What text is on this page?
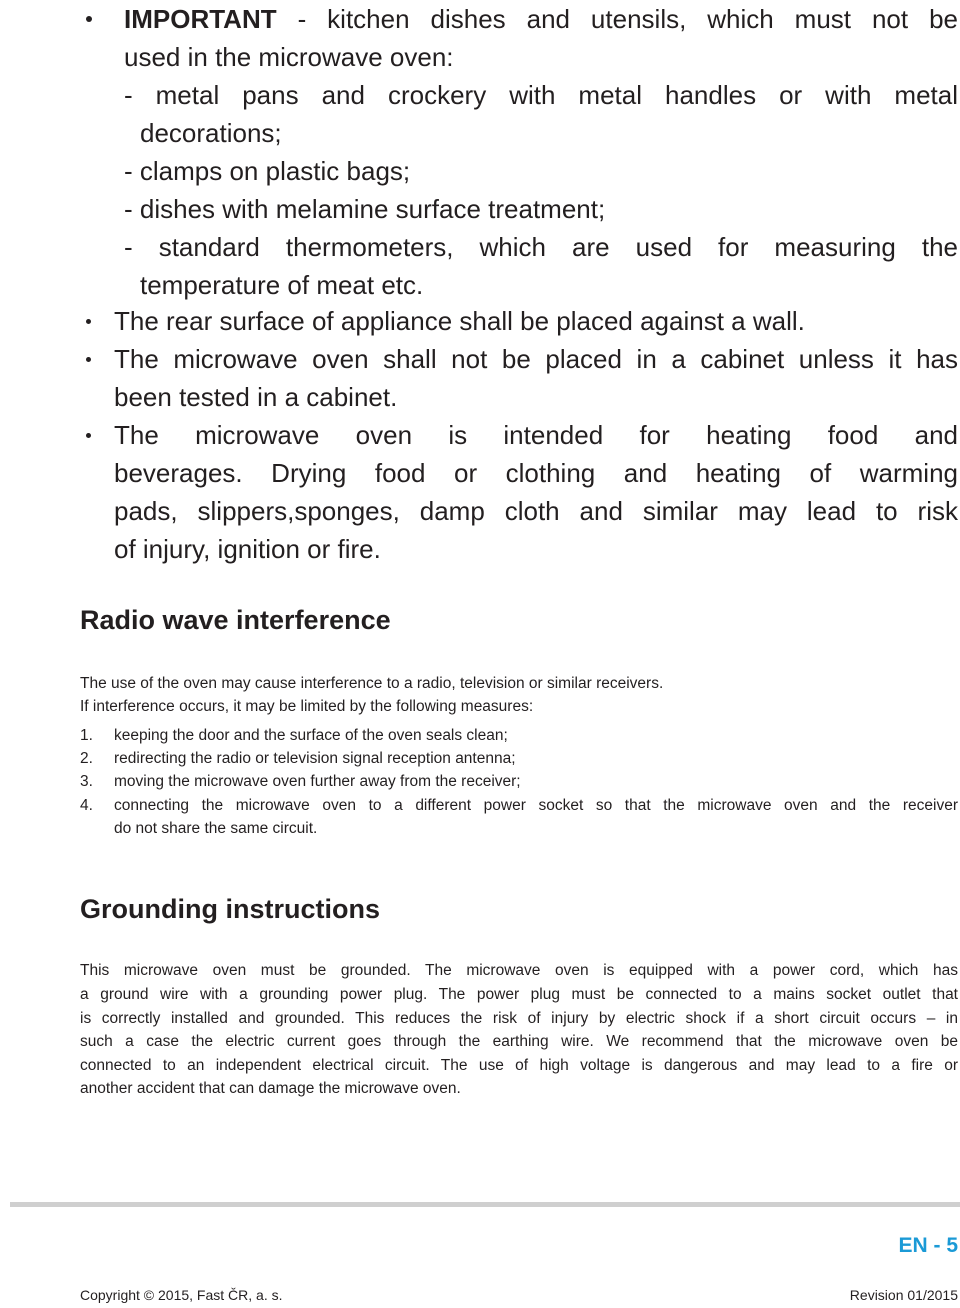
IMPORTANT - kitchen dishes and utensils, which must not be
used in the microwave oven:
- metal pans and crockery with metal handles or with metal
decorations;
- clamps on plastic bags;
- dishes with melamine surface treatment;
- standard thermometers, which are used for measuring the
temperature of meat etc.
The rear surface of appliance shall be placed against a wall.
The microwave oven shall not be placed in a cabinet unless it has
been tested in a cabinet.
The microwave oven is intended for heating food and
beverages. Drying food or clothing and heating of warming
pads, slippers,sponges, damp cloth and similar may lead to risk
of injury, ignition or fire.
Radio wave interference
The use of the oven may cause interference to a radio, television or similar receivers.
If interference occurs, it may be limited by the following measures:
1. keeping the door and the surface of the oven seals clean;
2. redirecting the radio or television signal reception antenna;
3. moving the microwave oven further away from the receiver;
4. connecting the microwave oven to a different power socket so that the microwave oven and the receiver
do not share the same circuit.
Grounding instructions
This microwave oven must be grounded. The microwave oven is equipped with a power cord, which has
a ground wire with a grounding power plug. The power plug must be connected to a mains socket outlet that
is correctly installed and grounded. This reduces the risk of injury by electric shock if a short circuit occurs – in
such a case the electric current goes through the earthing wire. We recommend that the microwave oven be
connected to an independent electrical circuit. The use of high voltage is dangerous and may lead to a fire or
another accident that can damage the microwave oven.
EN - 5
Copyright © 2015, Fast ČR, a. s.	Revision 01/2015
